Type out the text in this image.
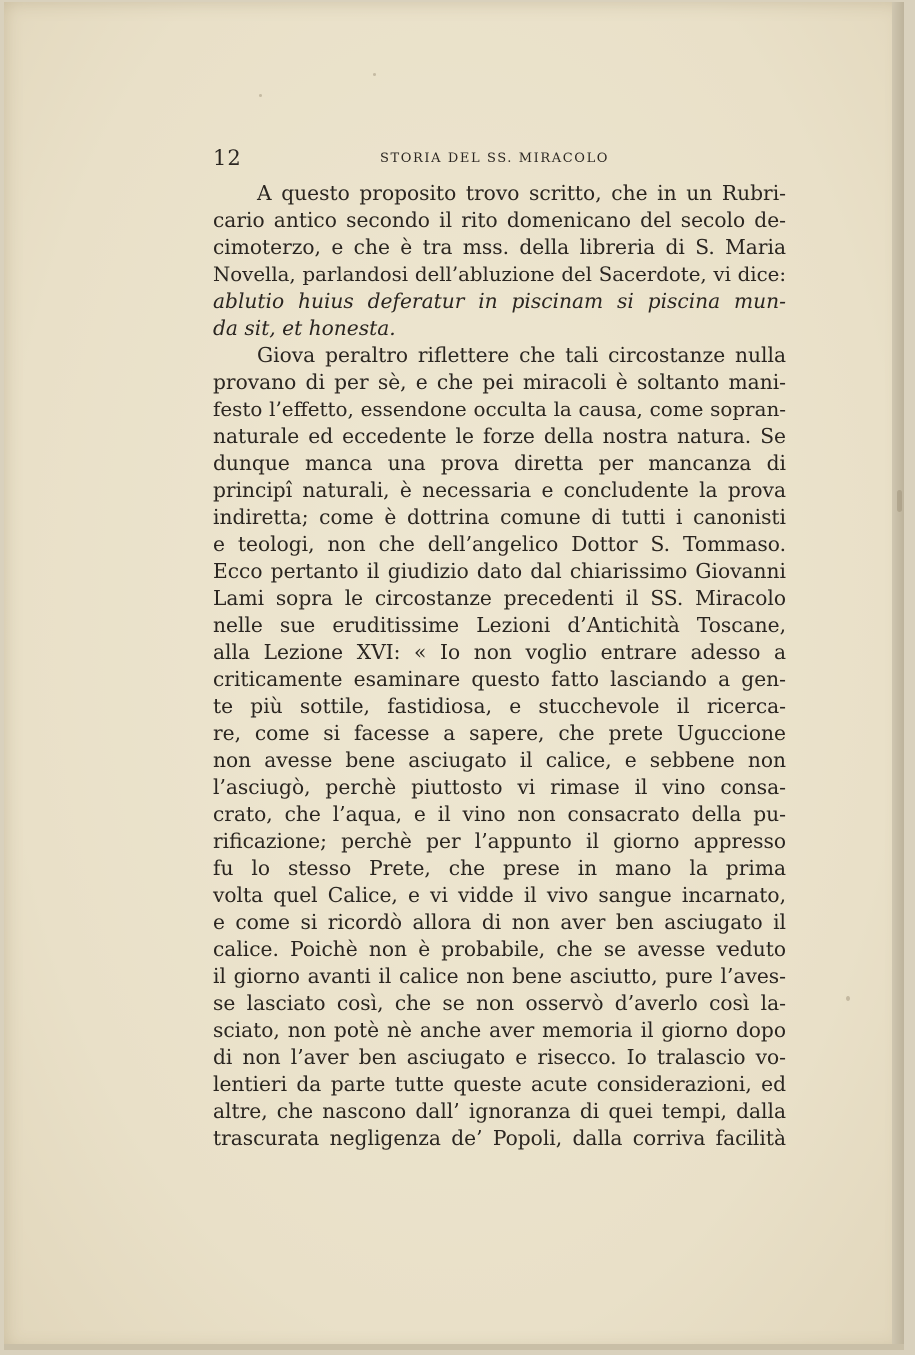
12	STORIA DEL SS. MIRACOLO
A questo proposito trovo scritto, che in un Rubri-
cario antico secondo il rito domenicano del secolo de-
cimoterzo, e che è tra mss. della libreria di S. Maria
Novella, parlandosi dell’abluzione del Sacerdote, vi dice:
ablutio huius deferatur in piscinam si piscina mun-
da sit, et honesta.
Giova peraltro riflettere che tali circostanze nulla
provano di per sè, e che pei miracoli è soltanto mani-
festo l’effetto, essendone occulta la causa, come sopran-
naturale ed eccedente le forze della nostra natura. Se
dunque manca una prova diretta per mancanza di
principî naturali, è necessaria e concludente la prova
indiretta; come è dottrina comune di tutti i canonisti
e teologi, non che dell’angelico Dottor S. Tommaso.
Ecco pertanto il giudizio dato dal chiarissimo Giovanni
Lami sopra le circostanze precedenti il SS. Miracolo
nelle sue eruditissime Lezioni d’Antichità Toscane,
alla Lezione XVI: « Io non voglio entrare adesso a
criticamente esaminare questo fatto lasciando a gen-
te più sottile, fastidiosa, e stucchevole il ricerca-
re, come si facesse a sapere, che prete Uguccione
non avesse bene asciugato il calice, e sebbene non
l’asciugò, perchè piuttosto vi rimase il vino consa-
crato, che l’aqua, e il vino non consacrato della pu-
rificazione; perchè per l’appunto il giorno appresso
fu lo stesso Prete, che prese in mano la prima
volta quel Calice, e vi vidde il vivo sangue incarnato,
e come si ricordò allora di non aver ben asciugato il
calice. Poichè non è probabile, che se avesse veduto
il giorno avanti il calice non bene asciutto, pure l’aves-
se lasciato così, che se non osservò d’averlo così la-
sciato, non potè nè anche aver memoria il giorno dopo
di non l’aver ben asciugato e risecco. Io tralascio vo-
lentieri da parte tutte queste acute considerazioni, ed
altre, che nascono dall’ ignoranza di quei tempi, dalla
trascurata negligenza de’ Popoli, dalla corriva facilità
